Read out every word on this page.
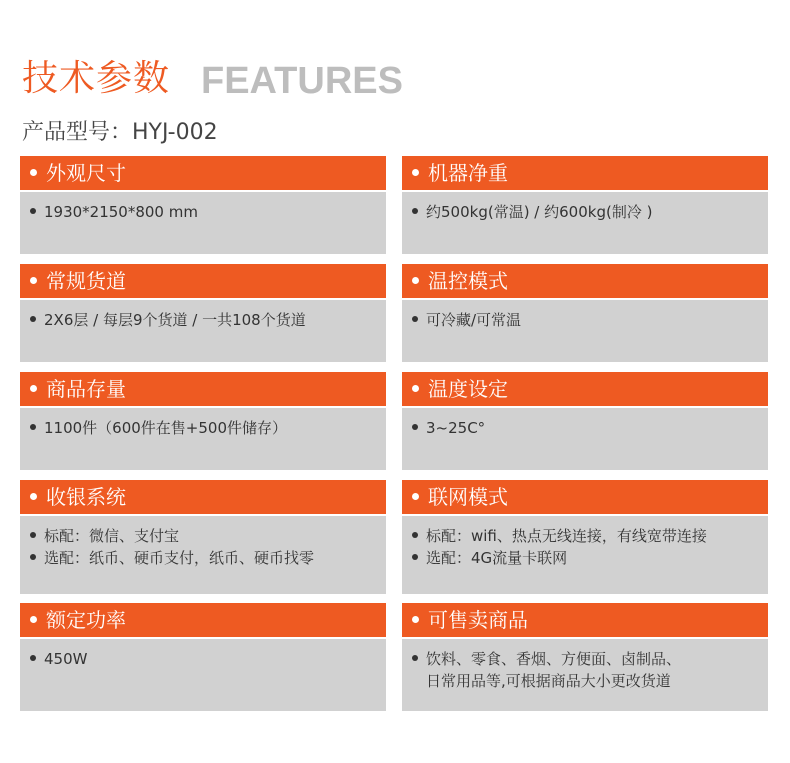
技术参数 FEATURES
产品型号：HYJ-002
外观尺寸
1930*2150*800 mm
机器净重
约500kg(常温) / 约600kg(制冷 )
常规货道
2X6层 / 每层9个货道 / 一共108个货道
温控模式
可冷藏/可常温
商品存量
1100件（600件在售+500件储存）
温度设定
3~25C°
收银系统
标配：微信、支付宝
选配：纸币、硬币支付，纸币、硬币找零
联网模式
标配：wifi、热点无线连接，有线宽带连接
选配：4G流量卡联网
额定功率
450W
可售卖商品
饮料、零食、香烟、方便面、卤制品、
日常用品等,可根据商品大小更改货道
